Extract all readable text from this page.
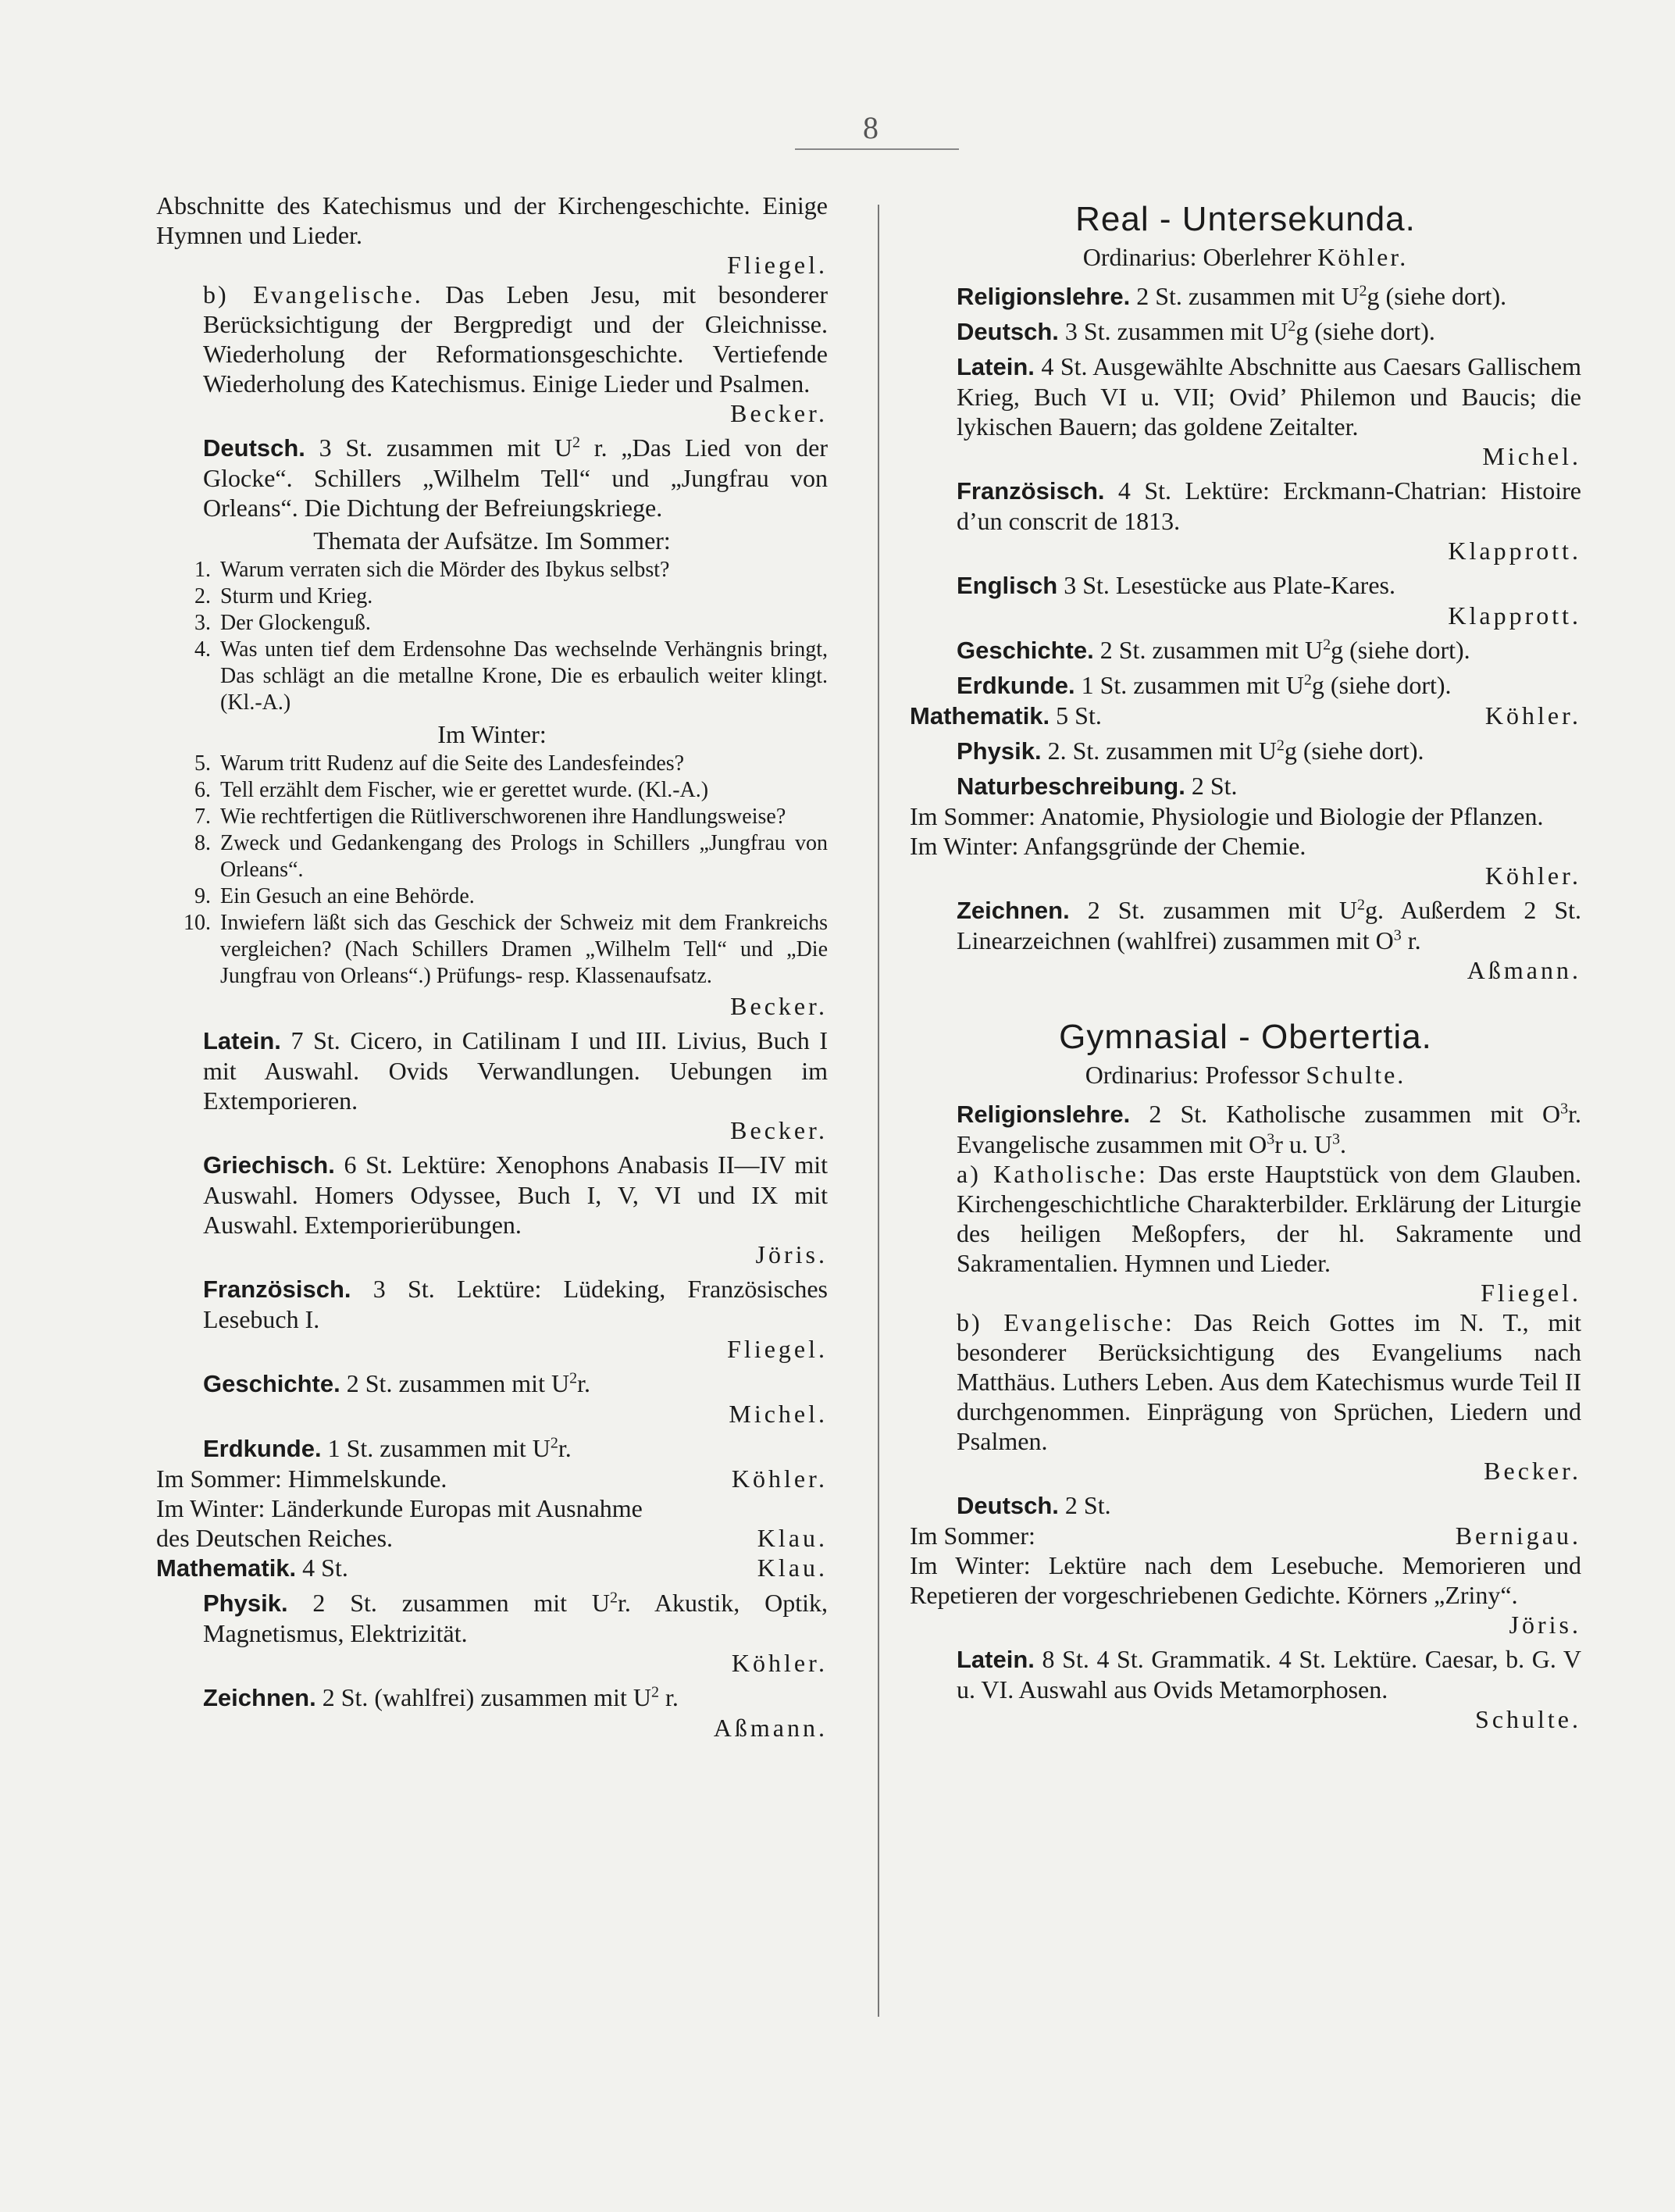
8

Abschnitte des Katechismus und der Kirchengeschichte. Einige Hymnen und Lieder.

Fliegel.

b) Evangelische. Das Leben Jesu, mit besonderer Berücksichtigung der Bergpredigt und der Gleichnisse. Wiederholung der Reformationsgeschichte. Vertiefende Wiederholung des Katechismus. Einige Lieder und Psalmen.

Becker.

Deutsch. 3 St. zusammen mit $U^2$ r. „Das Lied von der Glocke“. Schillers „Wilhelm Tell“ und „Jungfrau von Orleans“. Die Dichtung der Befreiungskriege.

Themata der Aufsätze. Im Sommer:

1. Warum verraten sich die Mörder des Ibykus selbst?
2. Sturm und Krieg.
3. Der Glockenguß.
4. Was unten tief dem Erdensohne Das wechselnde Verhängnis bringt, Das schlägt an die metallne Krone, Die es erbaulich weiter klingt. (Kl.-A.)

Im Winter:

5. Warum tritt Rudenz auf die Seite des Landesfeindes?
6. Tell erzählt dem Fischer, wie er gerettet wurde. (Kl.-A.)
7. Wie rechtfertigen die Rütliverschworenen ihre Handlungsweise?
8. Zweck und Gedankengang des Prologs in Schillers „Jungfrau von Orleans“.
9. Ein Gesuch an eine Behörde.
10. Inwiefern läßt sich das Geschick der Schweiz mit dem Frankreichs vergleichen? (Nach Schillers Dramen „Wilhelm Tell“ und „Die Jungfrau von Orleans“.) Prüfungs- resp. Klassenaufsatz.

Becker.

Latein. 7 St. Cicero, in Catilinam I und III. Livius, Buch I mit Auswahl. Ovids Verwandlungen. Uebungen im Extemporieren.

Becker.

Griechisch. 6 St. Lektüre: Xenophons Anabasis II—IV mit Auswahl. Homers Odyssee, Buch I, V, VI und IX mit Auswahl. Extemporierübungen.

Jöris.

Französisch. 3 St. Lektüre: Lüdeking, Französisches Lesebuch I.

Fliegel.

Geschichte. 2 St. zusammen mit $U^2r$.

Michel.

Erdkunde. 1 St. zusammen mit $U^2r$.

Im Sommer: Himmelskunde.	Köhler.

Im Winter: Länderkunde Europas mit Ausnahme

des Deutschen Reiches.	Klau.

Mathematik. 4 St.	Klau.

Physik. 2 St. zusammen mit $U^2r$. Akustik, Optik, Magnetismus, Elektrizität.

Köhler.

Zeichnen. 2 St. (wahlfrei) zusammen mit $U^2$ r.

Aßmann.

Real - Untersekunda.

Ordinarius: Oberlehrer Köhler.

Religionslehre. 2 St. zusammen mit $U^2g$ (siehe dort).

Deutsch. 3 St. zusammen mit $U^2g$ (siehe dort).

Latein. 4 St. Ausgewählte Abschnitte aus Caesars Gallischem Krieg, Buch VI u. VII; Ovid’ Philemon und Baucis; die lykischen Bauern; das goldene Zeitalter.

Michel.

Französisch. 4 St. Lektüre: Erckmann-Chatrian: Histoire d’un conscrit de 1813.

Klapprott.

Englisch 3 St. Lesestücke aus Plate-Kares.

Klapprott.

Geschichte. 2 St. zusammen mit $U^2g$ (siehe dort).

Erdkunde. 1 St. zusammen mit $U^2g$ (siehe dort).

Mathematik. 5 St.	Köhler.

Physik. 2. St. zusammen mit $U^2g$ (siehe dort).

Naturbeschreibung. 2 St.

Im Sommer: Anatomie, Physiologie und Biologie der Pflanzen.

Im Winter: Anfangsgründe der Chemie.

Köhler.

Zeichnen. 2 St. zusammen mit $U^2g$. Außerdem 2 St. Linearzeichnen (wahlfrei) zusammen mit $O^3$ r.

Aßmann.

Gymnasial - Obertertia.

Ordinarius: Professor Schulte.

Religionslehre. 2 St. Katholische zusammen mit $O^3r$. Evangelische zusammen mit $O^3r$ u. $U^3$.

a) Katholische: Das erste Hauptstück von dem Glauben. Kirchengeschichtliche Charakterbilder. Erklärung der Liturgie des heiligen Meßopfers, der hl. Sakramente und Sakramentalien. Hymnen und Lieder.

Fliegel.

b) Evangelische: Das Reich Gottes im N. T., mit besonderer Berücksichtigung des Evangeliums nach Matthäus. Luthers Leben. Aus dem Katechismus wurde Teil II durchgenommen. Einprägung von Sprüchen, Liedern und Psalmen.

Becker.

Deutsch. 2 St.

Im Sommer:	Bernigau.

Im Winter: Lektüre nach dem Lesebuche. Memorieren und Repetieren der vorgeschriebenen Gedichte. Körners „Zriny“.

Jöris.

Latein. 8 St. 4 St. Grammatik. 4 St. Lektüre. Caesar, b. G. V u. VI. Auswahl aus Ovids Metamorphosen.

Schulte.
